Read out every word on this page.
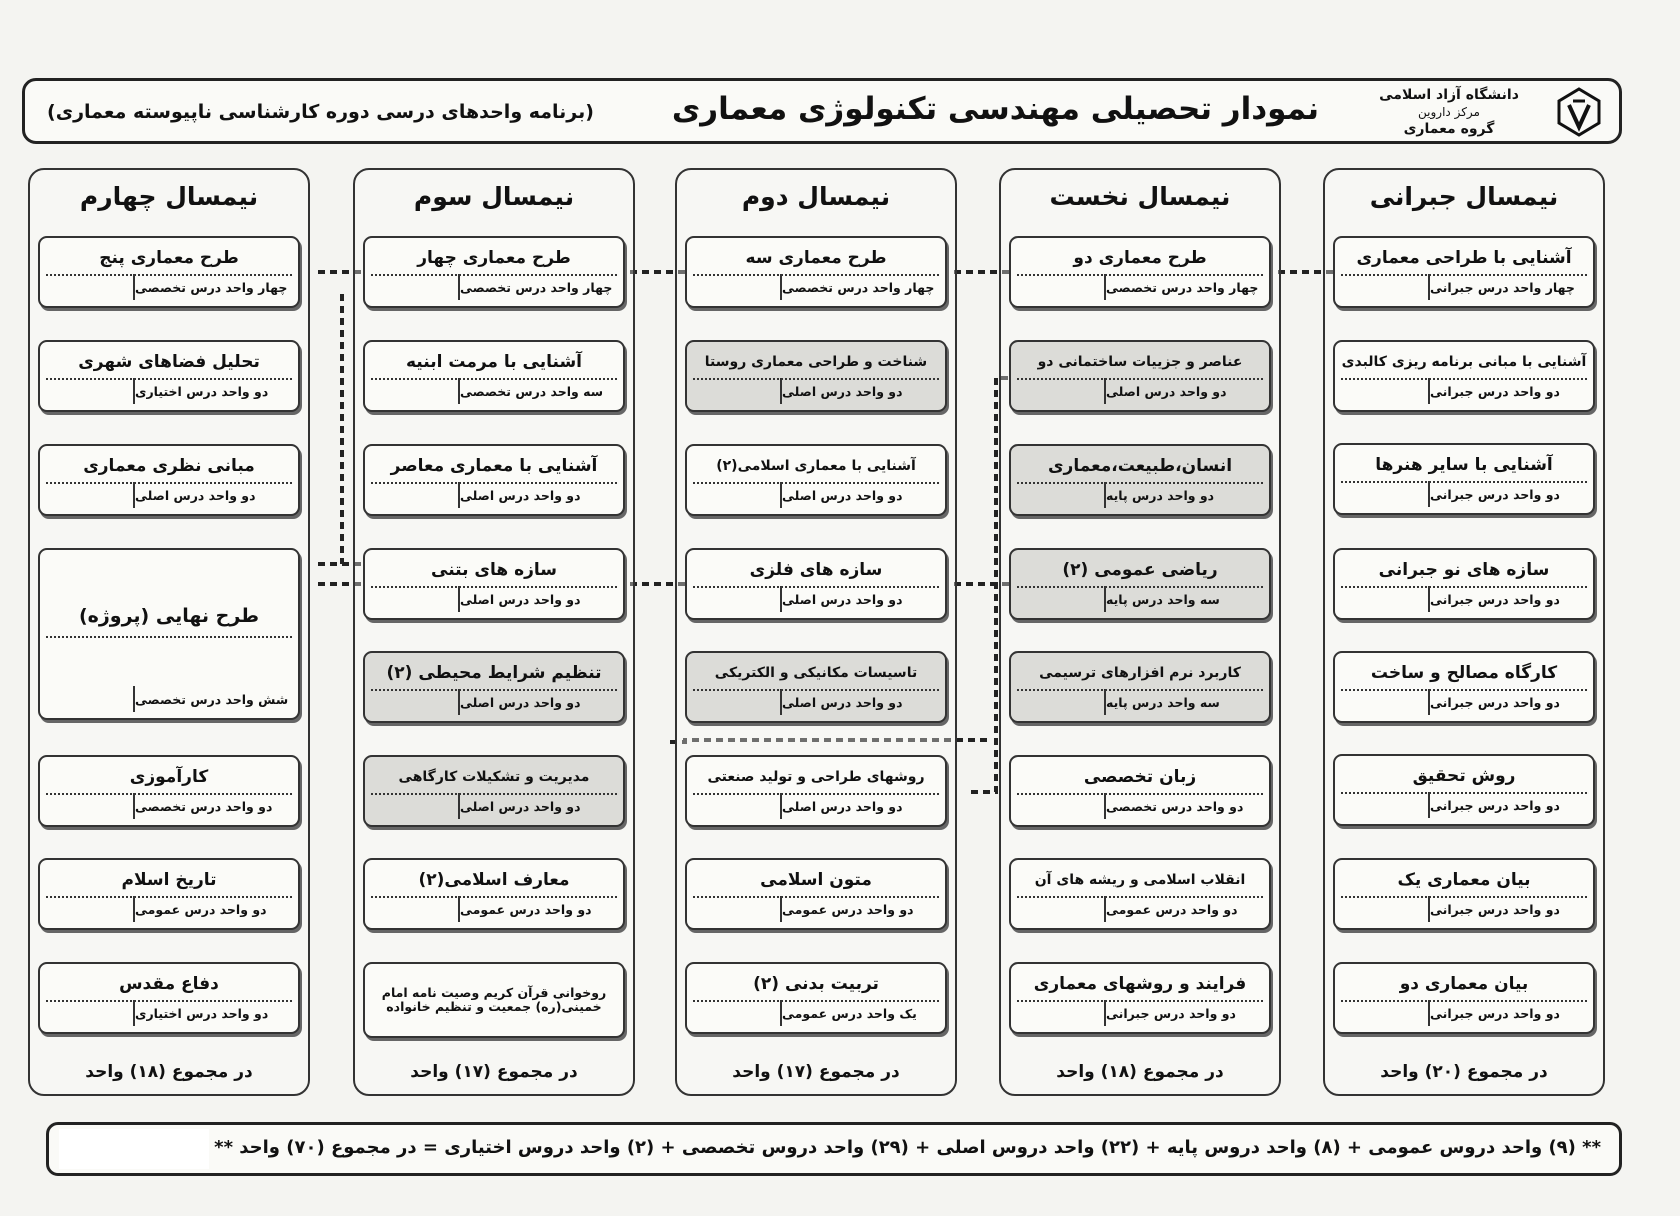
دانشگاه آزاد اسلامی
مرکز داروین
گروه معماری
نمودار تحصیلی مهندسی تکنولوژی معماری
(برنامه واحدهای درسی دوره کارشناسی ناپیوسته معماری)
نیمسال جبرانی
در مجموع (۲۰) واحد
نیمسال نخست
در مجموع (۱۸) واحد
نیمسال دوم
در مجموع (۱۷) واحد
نیمسال سوم
در مجموع (۱۷) واحد
نیمسال چهارم
در مجموع (۱۸) واحد
آشنایی با طراحی معماری
چهار واحد درس جبرانی
آشنایی با مبانی برنامه ریزی کالبدی
دو واحد درس جبرانی
آشنایی با سایر هنرها
دو واحد درس جبرانی
سازه های نو جبرانی
دو واحد درس جبرانی
کارگاه مصالح و ساخت
دو واحد درس جبرانی
روش تحقیق
دو واحد درس جبرانی
بیان معماری یک
دو واحد درس جبرانی
بیان معماری دو
دو واحد درس جبرانی
طرح معماری دو
چهار واحد درس تخصصی
عناصر و جزییات ساختمانی دو
دو واحد درس اصلی
انسان،طبیعت،معماری
دو واحد درس پایه
ریاضی عمومی (۲)
سه واحد درس پایه
کاربرد نرم افزارهای ترسیمی
سه واحد درس پایه
زبان تخصصی
دو واحد درس تخصصی
انقلاب اسلامی و ریشه های آن
دو واحد درس عمومی
فرایند و روشهای معماری
دو واحد درس جبرانی
طرح معماری سه
چهار واحد درس تخصصی
شناخت و طراحی معماری روستا
دو واحد درس اصلی
آشنایی با معماری اسلامی(۲)
دو واحد درس اصلی
سازه های فلزی
دو واحد درس اصلی
تاسیسات مکانیکی و الکتریکی
دو واحد درس اصلی
روشهای طراحی و تولید صنعتی
دو واحد درس اصلی
متون اسلامی
دو واحد درس عمومی
تربیت بدنی (۲)
یک واحد درس عمومی
طرح معماری چهار
چهار واحد درس تخصصی
آشنایی با مرمت ابنیه
سه واحد درس تخصصی
آشنایی با معماری معاصر
دو واحد درس اصلی
سازه های بتنی
دو واحد درس اصلی
تنظیم شرایط محیطی (۲)
دو واحد درس اصلی
مدیریت و تشکیلات کارگاهی
دو واحد درس اصلی
معارف اسلامی(۲)
دو واحد درس عمومی
روخوانی قرآن کریم وصیت نامه امام خمینی(ره) جمعیت و تنظیم خانواده
طرح معماری پنج
چهار واحد درس تخصصی
تحلیل فضاهای شهری
دو واحد درس اختیاری
مبانی نظری معماری
دو واحد درس اصلی
طرح نهایی (پروژه)
شش واحد درس تخصصی
کارآموزی
دو واحد درس تخصصی
تاریخ اسلام
دو واحد درس عمومی
دفاع مقدس
دو واحد درس اختیاری
** (۹) واحد دروس عمومی + (۸) واحد دروس پایه + (۲۲) واحد دروس اصلی + (۲۹) واحد دروس تخصصی + (۲) واحد دروس اختیاری = در مجموع (۷۰) واحد **
